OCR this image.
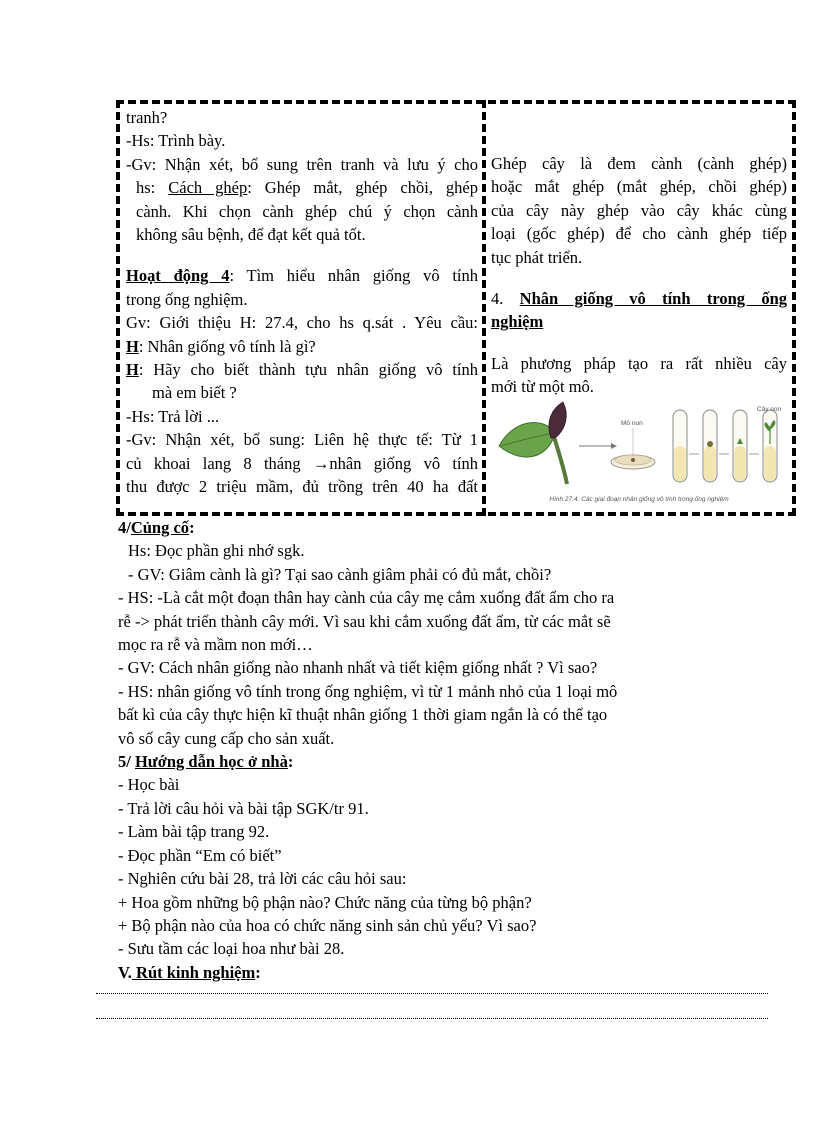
tranh?

-Hs: Trình bày.

-Gv: Nhận xét, bổ sung trên tranh và lưu ý cho

hs: Cách ghép: Ghép mắt, ghép chồi, ghép

cành. Khi chọn cành ghép chú ý chọn cành

không sâu bệnh, để đạt kết quả tốt.

Hoạt động 4: Tìm hiểu nhân giống vô tính

trong ống nghiệm.

Gv: Giới thiệu H: 27.4, cho hs q.sát . Yêu cầu:

H: Nhân giống vô tính là gì?

H: Hãy cho biết thành tựu nhân giống vô tính

mà em biết ?

-Hs: Trả lời ...

-Gv: Nhận xét, bổ sung: Liên hệ thực tế: Từ 1

củ khoai lang 8 tháng →nhân giống vô tính

thu được 2 triệu mầm, đủ trồng trên 40 ha đất

Ghép cây là đem cành (cành ghép)

hoặc mắt ghép (mắt ghép, chồi ghép)

của cây này ghép vào cây khác cùng

loại (gốc ghép) để cho cành ghép tiếp

tục phát triển.

4. Nhân giống vô tính trong ống

nghiệm

Là phương pháp tạo ra rất nhiều cây

mới từ một mô.

Mô non
Cây non
Hình 27.4. Các giai đoạn nhân giống vô tính trong ống nghiệm

4/Củng cố:

Hs: Đọc phần ghi nhớ sgk.

- GV: Giâm cành là gì? Tại sao cành giâm phải có đủ mắt, chồi?

- HS: -Là cắt một đoạn thân hay cành của cây mẹ cắm xuống đất ẩm cho ra

rễ -> phát triển thành cây mới. Vì sau khi cắm xuống đất ẩm, từ các mắt sẽ

mọc ra rễ và mầm non mới…

- GV: Cách nhân giống nào nhanh nhất và tiết kiệm giống nhất ? Vì sao?

- HS: nhân giống vô tính trong ống nghiệm, vì từ 1 mảnh nhỏ của 1 loại mô

bất kì của cây thực hiện kĩ thuật nhân giống 1 thời giam ngắn là có thể tạo

vô số cây cung cấp cho sản xuất.

5/ Hướng dẫn học ở nhà:

- Học bài

- Trả lời câu hỏi và bài tập SGK/tr 91.

- Làm bài tập trang 92.

- Đọc phần “Em có biết”

- Nghiên cứu bài 28, trả lời các câu hỏi sau:

+ Hoa gồm những bộ phận nào? Chức năng của từng bộ phận?

+ Bộ phận nào của hoa có chức năng sinh sản chủ yếu? Vì sao?

- Sưu tầm các loại hoa như bài 28.

V. Rút kinh nghiệm:
